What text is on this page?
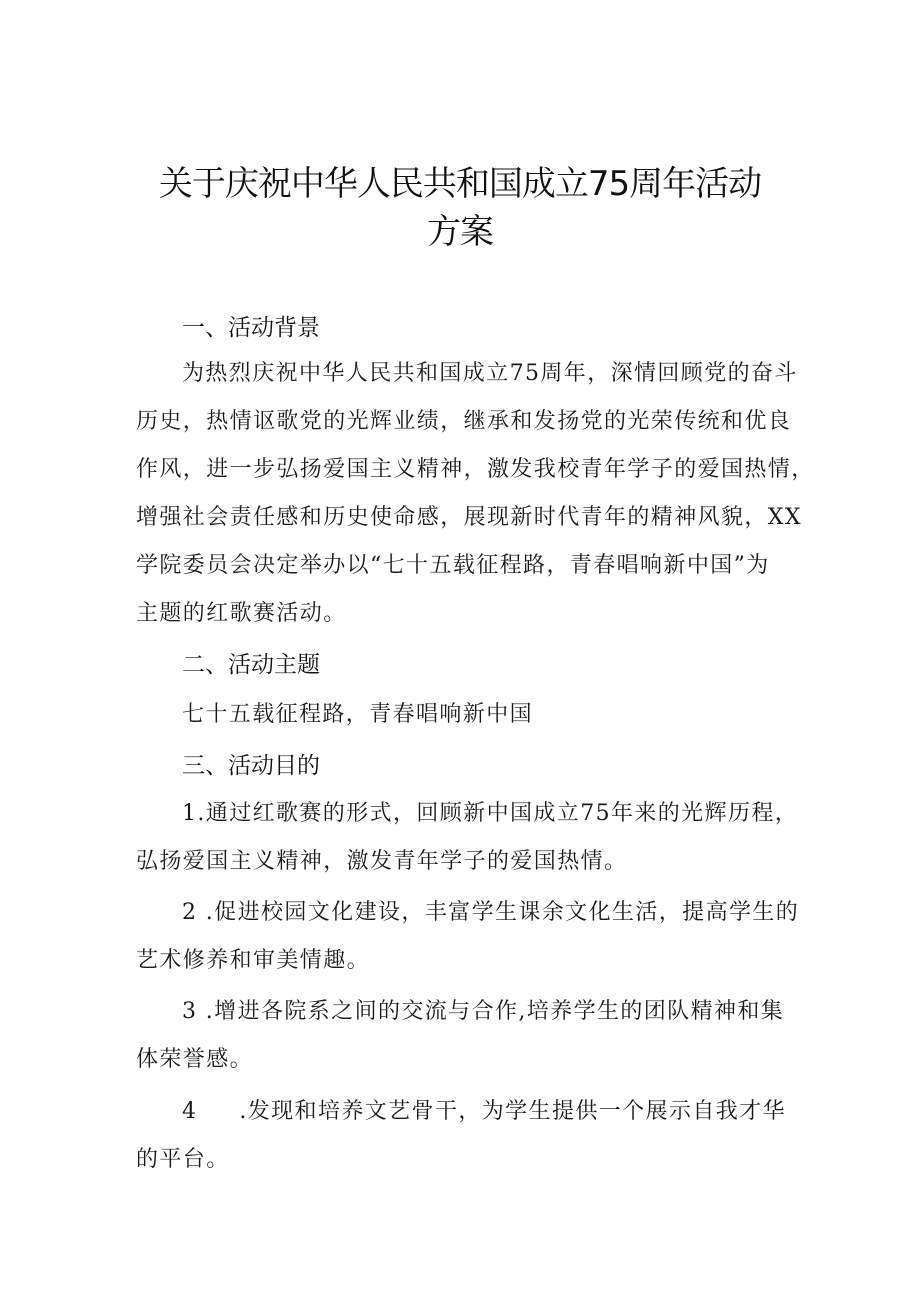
关于庆祝中华人民共和国成立75周年活动
方案
一、活动背景
为热烈庆祝中华人民共和国成立75周年，深情回顾党的奋斗
历史，热情讴歌党的光辉业绩，继承和发扬党的光荣传统和优良
作风，进一步弘扬爱国主义精神，激发我校青年学子的爱国热情，
增强社会责任感和历史使命感，展现新时代青年的精神风貌，XX
学院委员会决定举办以“七十五载征程路，青春唱响新中国”为
主题的红歌赛活动。
二、活动主题
七十五载征程路，青春唱响新中国
三、活动目的
1.通过红歌赛的形式，回顾新中国成立75年来的光辉历程，
弘扬爱国主义精神，激发青年学子的爱国热情。
2 .促进校园文化建设，丰富学生课余文化生活，提高学生的
艺术修养和审美情趣。
3 .增进各院系之间的交流与合作,培养学生的团队精神和集
体荣誉感。
4     .发现和培养文艺骨干，为学生提供一个展示自我才华
的平台。
